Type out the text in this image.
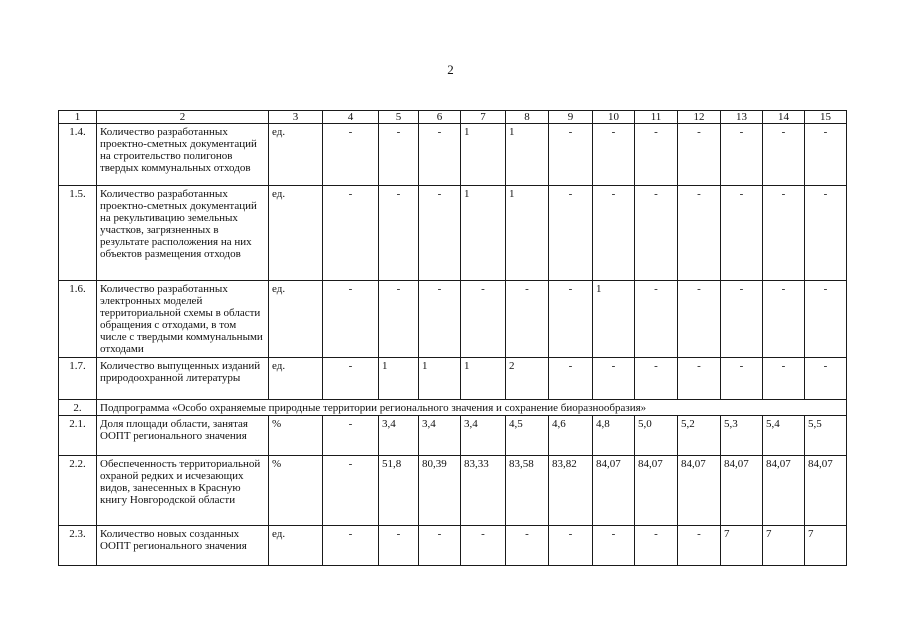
2
1	2	3	4	5	6	7	8	9	10	11	12	13	14	15
1.4.	Количество разработанных проектно-сметных документаций на строительство полигонов твердых коммунальных отходов	ед.	-	-	-	1	1	-	-	-	-	-	-	-
1.5.	Количество разработанных проектно-сметных документаций на рекультивацию земельных участков, загрязненных в результате расположения на них объектов размещения отходов	ед.	-	-	-	1	1	-	-	-	-	-	-	-
1.6.	Количество разработанных электронных моделей территориальной схемы в области обращения с отходами, в том числе с твердыми коммунальными отходами	ед.	-	-	-	-	-	-	1	-	-	-	-	-
1.7.	Количество выпущенных изданий природоохранной литературы	ед.	-	1	1	1	2	-	-	-	-	-	-	-
2.	Подпрограмма «Особо охраняемые природные территории регионального значения и сохранение биоразнообразия»													
2.1.	Доля площади области, занятая ООПТ регионального значения	%	-	3,4	3,4	3,4	4,5	4,6	4,8	5,0	5,2	5,3	5,4	5,5
2.2.	Обеспеченность территориальной охраной редких и исчезающих видов, занесенных в Красную книгу Новгородской области	%	-	51,8	80,39	83,33	83,58	83,82	84,07	84,07	84,07	84,07	84,07	84,07
2.3.	Количество новых созданных ООПТ регионального значения	ед.	-	-	-	-	-	-	-	-	-	7	7	7
